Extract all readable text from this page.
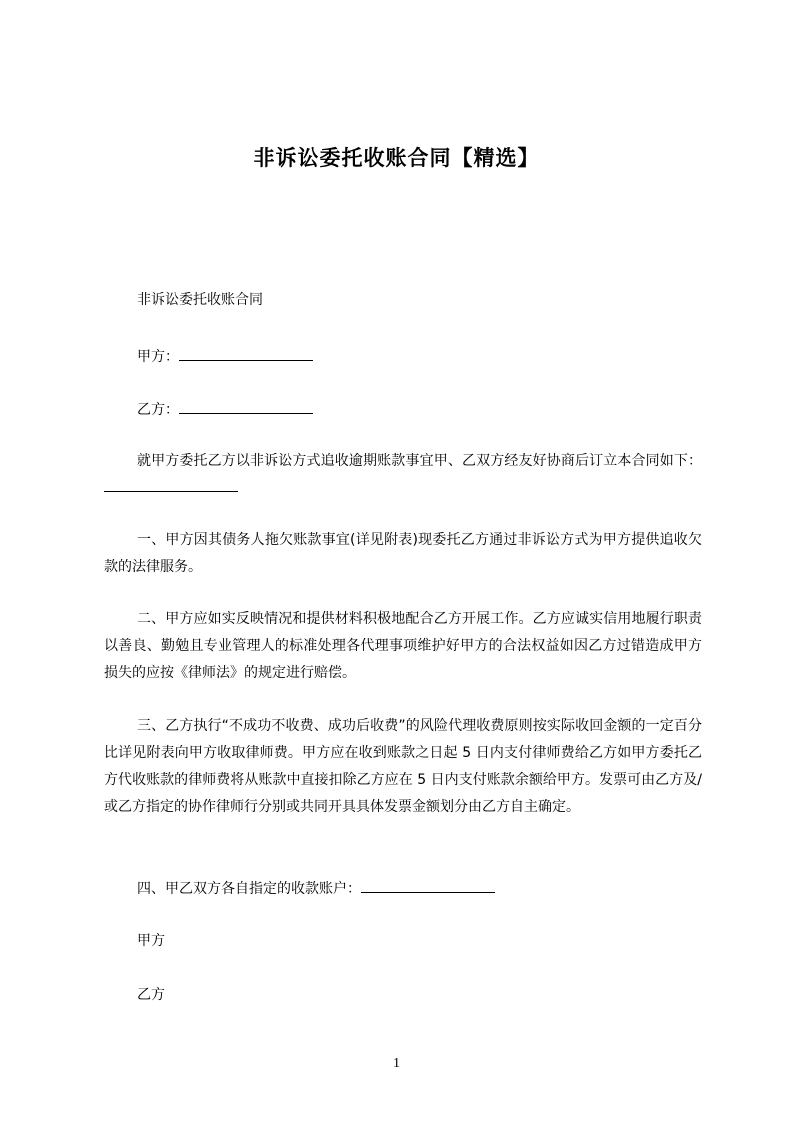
非诉讼委托收账合同【精选】
非诉讼委托收账合同
甲方：
乙方：

就甲方委托乙方以非诉讼方式追收逾期账款事宜甲、乙双方经友好协商后订立本合同如下：

一、甲方因其债务人拖欠账款事宜(详见附表)现委托乙方通过非诉讼方式为甲方提供追收欠款的法律服务。

二、甲方应如实反映情况和提供材料积极地配合乙方开展工作。乙方应诚实信用地履行职责以善良、勤勉且专业管理人的标准处理各代理事项维护好甲方的合法权益如因乙方过错造成甲方损失的应按《律师法》的规定进行赔偿。

三、乙方执行“不成功不收费、成功后收费”的风险代理收费原则按实际收回金额的一定百分比详见附表向甲方收取律师费。甲方应在收到账款之日起 5 日内支付律师费给乙方如甲方委托乙方代收账款的律师费将从账款中直接扣除乙方应在 5 日内支付账款余额给甲方。发票可由乙方及/或乙方指定的协作律师行分别或共同开具具体发票金额划分由乙方自主确定。

四、甲乙双方各自指定的收款账户：
甲方
乙方
1
